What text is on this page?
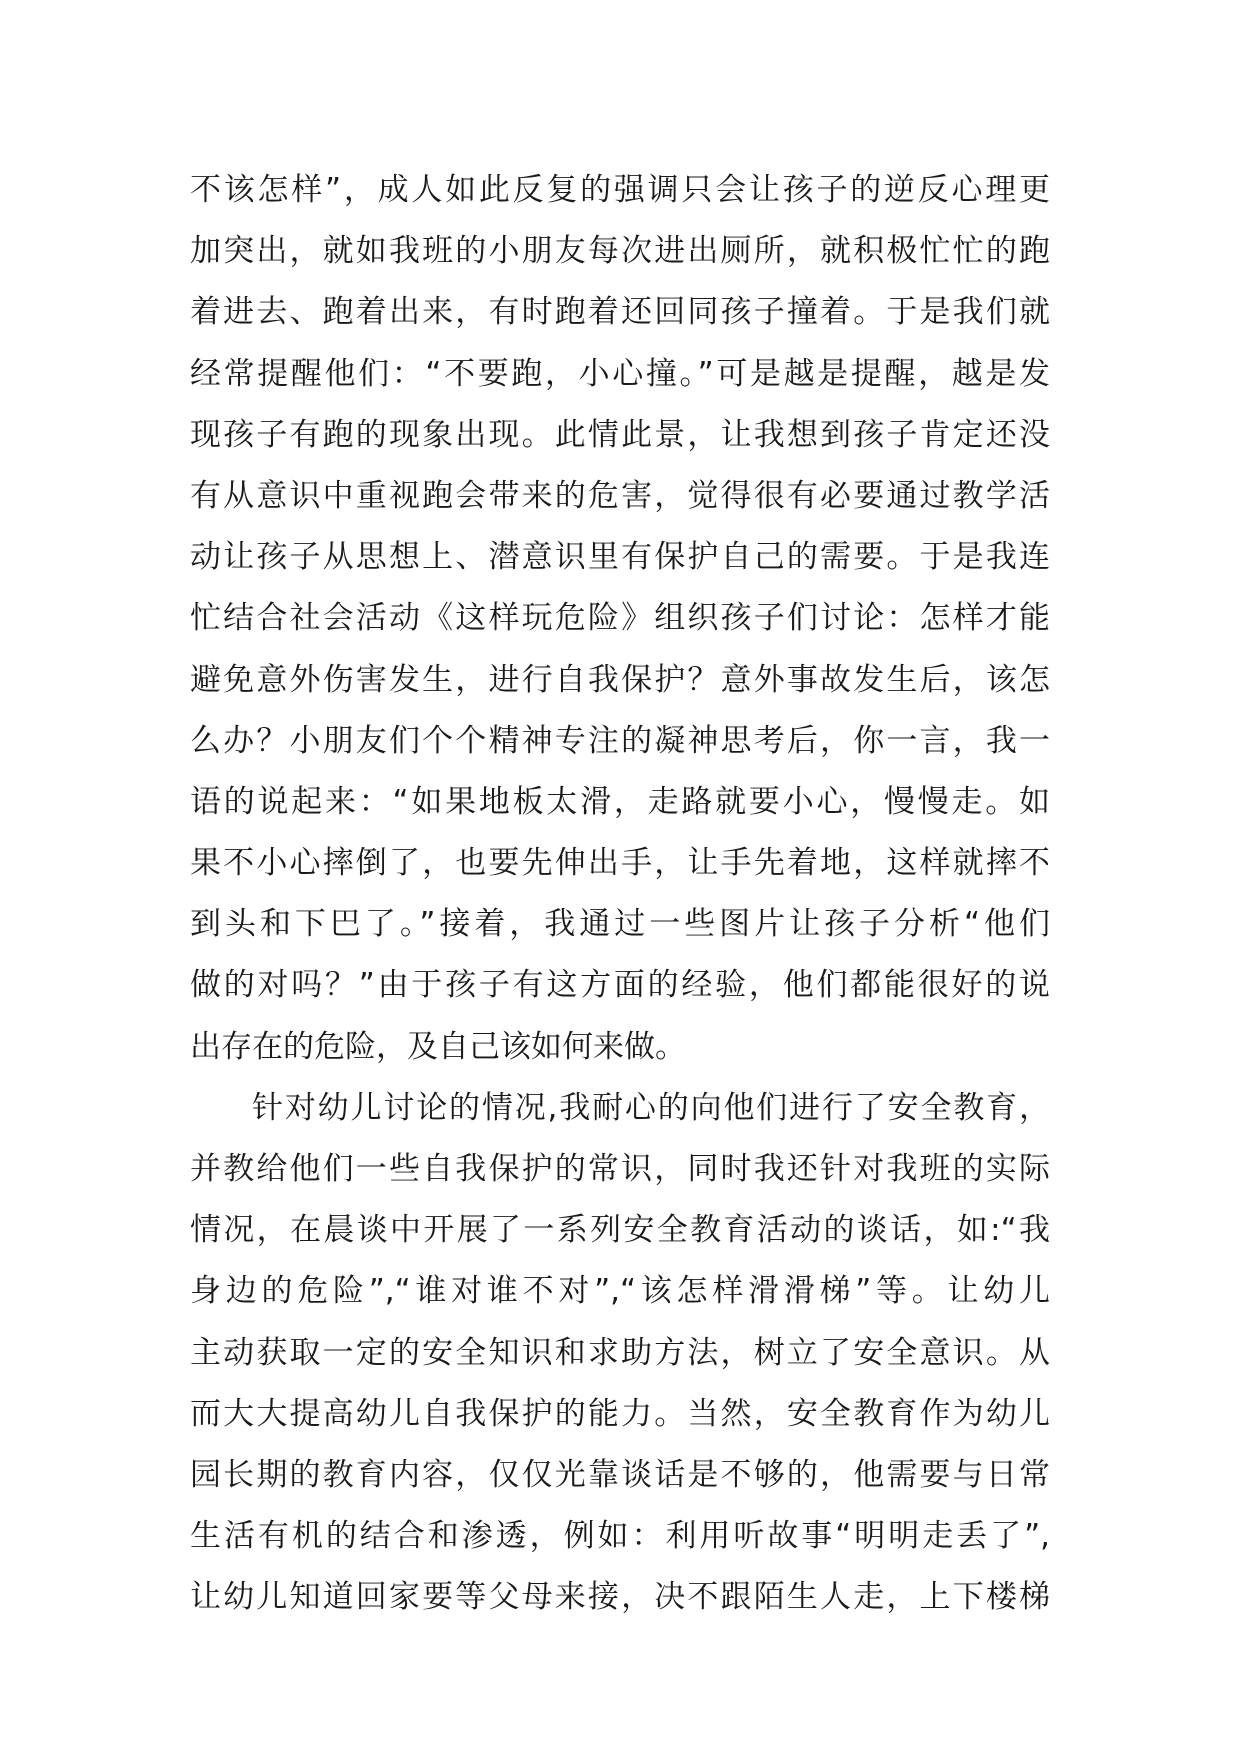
不该怎样”，成人如此反复的强调只会让孩子的逆反心理更
加突出，就如我班的小朋友每次进出厕所，就积极忙忙的跑
着进去、跑着出来，有时跑着还回同孩子撞着。于是我们就
经常提醒他们：“不要跑，小心撞。”可是越是提醒，越是发
现孩子有跑的现象出现。此情此景，让我想到孩子肯定还没
有从意识中重视跑会带来的危害，觉得很有必要通过教学活
动让孩子从思想上、潜意识里有保护自己的需要。于是我连
忙结合社会活动《这样玩危险》组织孩子们讨论：怎样才能
避免意外伤害发生，进行自我保护？意外事故发生后，该怎
么办？小朋友们个个精神专注的凝神思考后，你一言，我一
语的说起来：“如果地板太滑，走路就要小心，慢慢走。如
果不小心摔倒了，也要先伸出手，让手先着地，这样就摔不
到头和下巴了。”接着，我通过一些图片让孩子分析“他们
做的对吗？”由于孩子有这方面的经验，他们都能很好的说
出存在的危险，及自己该如何来做。
针对幼儿讨论的情况,我耐心的向他们进行了安全教育，
并教给他们一些自我保护的常识，同时我还针对我班的实际
情况，在晨谈中开展了一系列安全教育活动的谈话，如:“我
身边的危险”,“谁对谁不对”,“该怎样滑滑梯”等。让幼儿
主动获取一定的安全知识和求助方法，树立了安全意识。从
而大大提高幼儿自我保护的能力。当然，安全教育作为幼儿
园长期的教育内容，仅仅光靠谈话是不够的，他需要与日常
生活有机的结合和渗透，例如：利用听故事“明明走丢了”,
让幼儿知道回家要等父母来接，决不跟陌生人走，上下楼梯
